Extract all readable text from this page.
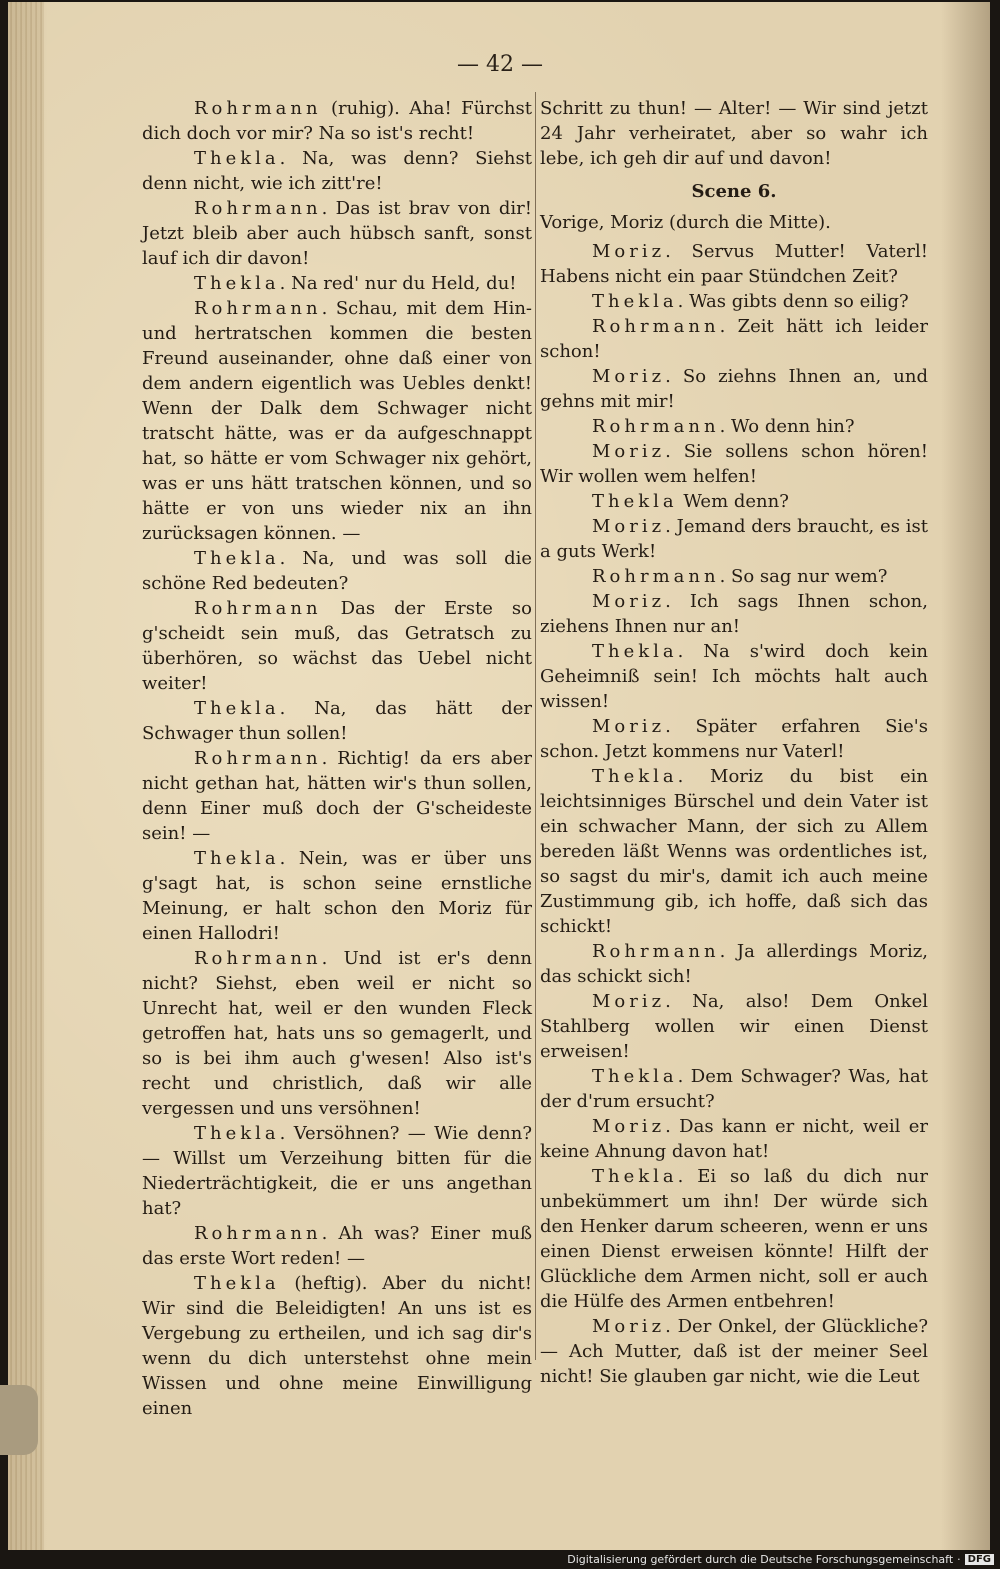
— 42 —

Rohrmann (ruhig). Aha! Fürchst dich doch vor mir? Na so ist's recht!

Thekla. Na, was denn? Siehst denn nicht, wie ich zitt're!

Rohrmann. Das ist brav von dir! Jetzt bleib aber auch hübsch sanft, sonst lauf ich dir davon!

Thekla. Na red' nur du Held, du!

Rohrmann. Schau, mit dem Hin- und hertratschen kommen die besten Freund auseinander, ohne daß einer von dem andern eigentlich was Uebles denkt! Wenn der Dalk dem Schwager nicht tratscht hätte, was er da aufgeschnappt hat, so hätte er vom Schwager nix gehört, was er uns hätt tratschen können, und so hätte er von uns wieder nix an ihn zurücksagen können. —

Thekla. Na, und was soll die schöne Red bedeuten?

Rohrmann Das der Erste so g'scheidt sein muß, das Getratsch zu überhören, so wächst das Uebel nicht weiter!

Thekla. Na, das hätt der Schwager thun sollen!

Rohrmann. Richtig! da ers aber nicht gethan hat, hätten wir's thun sollen, denn Einer muß doch der G'scheideste sein! —

Thekla. Nein, was er über uns g'sagt hat, is schon seine ernstliche Meinung, er halt schon den Moriz für einen Hallodri!

Rohrmann. Und ist er's denn nicht? Siehst, eben weil er nicht so Unrecht hat, weil er den wunden Fleck getroffen hat, hats uns so gemagerlt, und so is bei ihm auch g'wesen! Also ist's recht und christlich, daß wir alle vergessen und uns versöhnen!

Thekla. Versöhnen? — Wie denn? — Willst um Verzeihung bitten für die Niederträchtigkeit, die er uns angethan hat?

Rohrmann. Ah was? Einer muß das erste Wort reden! —

Thekla (heftig). Aber du nicht! Wir sind die Beleidigten! An uns ist es Vergebung zu ertheilen, und ich sag dir's wenn du dich unterstehst ohne mein Wissen und ohne meine Einwilligung einen

Schritt zu thun! — Alter! — Wir sind jetzt 24 Jahr verheiratet, aber so wahr ich lebe, ich geh dir auf und davon!

Scene 6.

Vorige, Moriz (durch die Mitte).

Moriz. Servus Mutter! Vaterl! Habens nicht ein paar Stündchen Zeit?

Thekla. Was gibts denn so eilig?

Rohrmann. Zeit hätt ich leider schon!

Moriz. So ziehns Ihnen an, und gehns mit mir!

Rohrmann. Wo denn hin?

Moriz. Sie sollens schon hören! Wir wollen wem helfen!

Thekla Wem denn?

Moriz. Jemand ders braucht, es ist a guts Werk!

Rohrmann. So sag nur wem?

Moriz. Ich sags Ihnen schon, ziehens Ihnen nur an!

Thekla. Na s'wird doch kein Geheimniß sein! Ich möchts halt auch wissen!

Moriz. Später erfahren Sie's schon. Jetzt kommens nur Vaterl!

Thekla. Moriz du bist ein leichtsinniges Bürschel und dein Vater ist ein schwacher Mann, der sich zu Allem bereden läßt Wenns was ordentliches ist, so sagst du mir's, damit ich auch meine Zustimmung gib, ich hoffe, daß sich das schickt!

Rohrmann. Ja allerdings Moriz, das schickt sich!

Moriz. Na, also! Dem Onkel Stahlberg wollen wir einen Dienst erweisen!

Thekla. Dem Schwager? Was, hat der d'rum ersucht?

Moriz. Das kann er nicht, weil er keine Ahnung davon hat!

Thekla. Ei so laß du dich nur unbekümmert um ihn! Der würde sich den Henker darum scheeren, wenn er uns einen Dienst erweisen könnte! Hilft der Glückliche dem Armen nicht, soll er auch die Hülfe des Armen entbehren!

Moriz. Der Onkel, der Glückliche? — Ach Mutter, daß ist der meiner Seel nicht! Sie glauben gar nicht, wie die Leut

Digitalisierung gefördert durch die Deutsche Forschungsgemeinschaft · DFG
